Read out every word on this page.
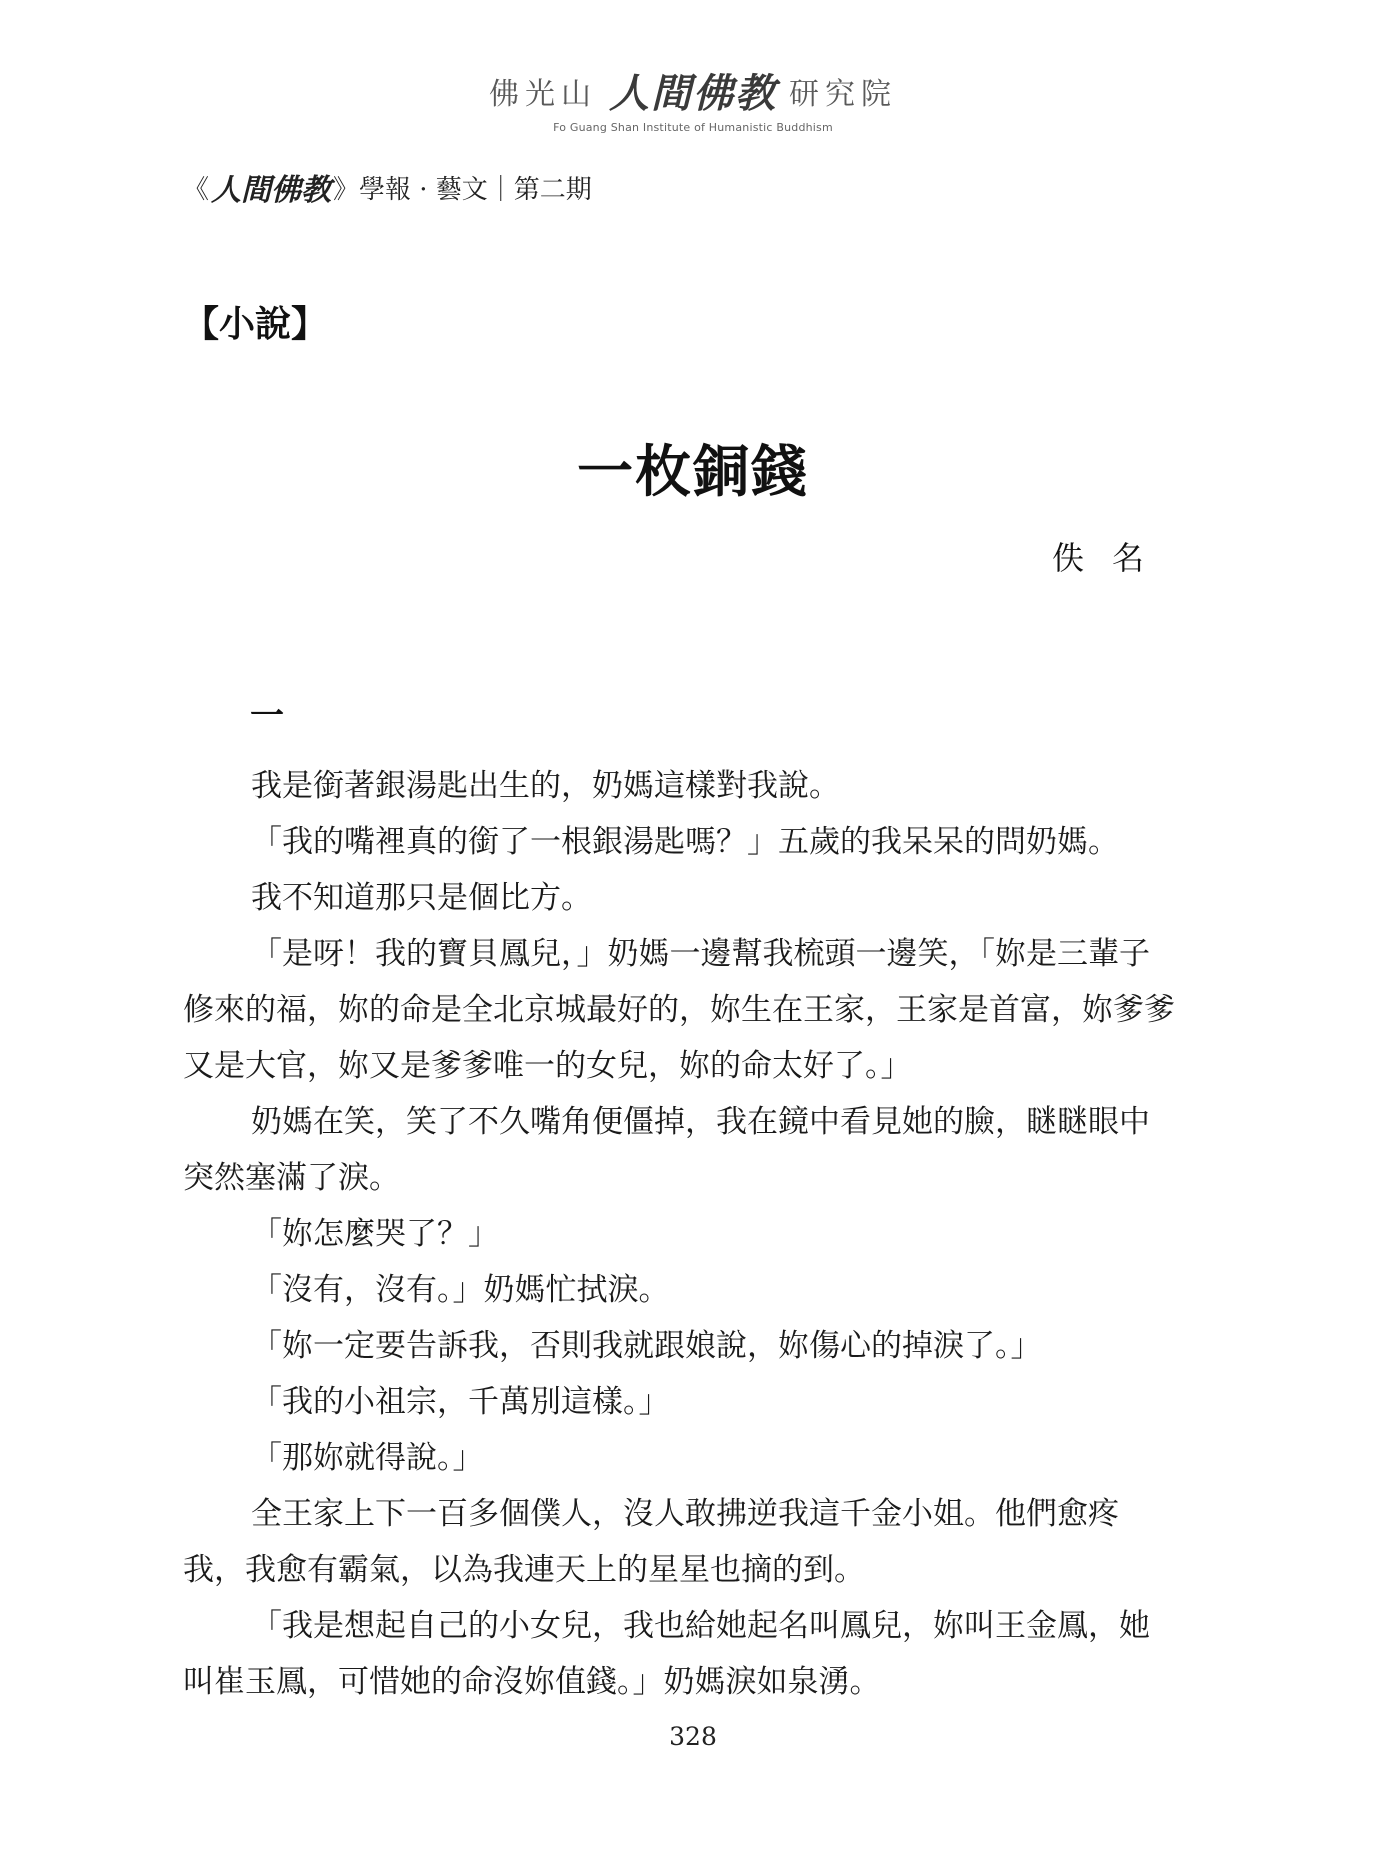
佛光山 人間佛教 研究院
Fo Guang Shan Institute of Humanistic Buddhism
《 人間佛教 》學報 · 藝文｜第二期
【小說】
一枚銅錢
佚名
一

我是銜著銀湯匙出生的，奶媽這樣對我說。

「我的嘴裡真的銜了一根銀湯匙嗎？」五歲的我呆呆的問奶媽。

我不知道那只是個比方。

「是呀！我的寶貝鳳兒，」奶媽一邊幫我梳頭一邊笑，「妳是三輩子修來的福，妳的命是全北京城最好的，妳生在王家，王家是首富，妳爹爹又是大官，妳又是爹爹唯一的女兒，妳的命太好了。」

奶媽在笑，笑了不久嘴角便僵掉，我在鏡中看見她的臉，瞇瞇眼中突然塞滿了淚。

「妳怎麼哭了？」

「沒有，沒有。」奶媽忙拭淚。

「妳一定要告訴我，否則我就跟娘說，妳傷心的掉淚了。」

「我的小祖宗，千萬別這樣。」

「那妳就得說。」

全王家上下一百多個僕人，沒人敢拂逆我這千金小姐。他們愈疼我，我愈有霸氣，以為我連天上的星星也摘的到。

「我是想起自己的小女兒，我也給她起名叫鳳兒，妳叫王金鳳，她叫崔玉鳳，可惜她的命沒妳值錢。」奶媽淚如泉湧。

328
